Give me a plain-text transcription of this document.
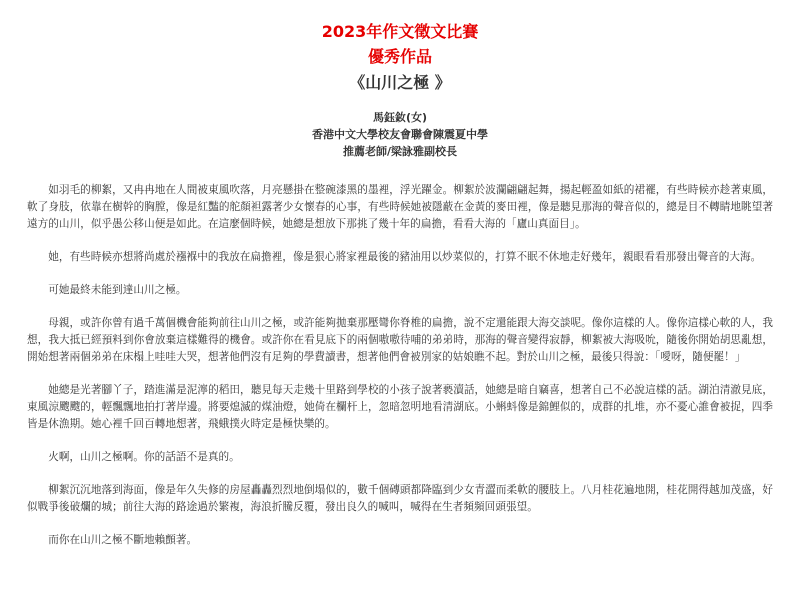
2023年作文徵文比賽
優秀作品
《山川之極 》
馬鈺釹(女)
香港中文大學校友會聯會陳震夏中學
推薦老師/梁詠雅副校長

如羽毛的柳絮，又冉冉地在人間被東風吹落，月亮懸掛在整碗漆黑的墨裡，浮光躍金。柳絮於波瀾翩翩起舞，揚起輕盈如紙的裙襬，有些時候亦趁著東風，軟了身肢，依靠在樹幹的胸膛，像是紅豔的舵顏袒露著少女懷春的心事，有些時候她被隱蔽在金黃的麥田裡，像是聽見那海的聲音似的，總是目不轉睛地眺望著遠方的山川，似乎愚公移山便是如此。在這麼個時候，她總是想放下那挑了幾十年的扁擔，看看大海的「廬山真面目」。

她，有些時候亦想將尚處於襁褓中的我放在扁擔裡，像是狠心將家裡最後的豬油用以炒菜似的，打算不眠不休地走好幾年，親眼看看那發出聲音的大海。

可她最終未能到達山川之極。

母親，或許你曾有過千萬個機會能夠前往山川之極，或許能夠拋棄那壓彎你脊椎的扁擔，說不定還能跟大海交談呢。像你這樣的人。像你這樣心軟的人，我想，我大抵已經預料到你會放棄這樣難得的機會。或許你在看見底下的兩個嗷嗷待哺的弟弟時，那海的聲音變得寂靜，柳絮被大海吸吮，隨後你開始胡思亂想，開始想著兩個弟弟在床榻上哇哇大哭，想著他們沒有足夠的學費讀書，想著他們會被別家的姑娘瞧不起。對於山川之極，最後只得說：「噯呀，隨便罷！」

她總是光著腳丫子，踏進滿是泥濘的稻田，聽見每天走幾十里路到學校的小孩子說著褻瀆話，她總是暗自竊喜，想著自己不必說這樣的話。湖泊清澈見底，東風涼颼颼的，輕飄飄地拍打著岸邊。將要熄滅的煤油燈，她倚在欄杆上，忽暗忽明地看清湖底。小蝌蚪像是錦鯉似的，成群的扎堆，亦不憂心誰會被捉，四季皆是休漁期。她心裡千回百轉地想著，飛蛾撲火時定是極快樂的。

火啊，山川之極啊。你的話語不是真的。

柳絮沉沉地落到海面，像是年久失修的房屋轟轟烈烈地倒塌似的，數千個磚頭都降臨到少女青澀而柔軟的腰肢上。八月桂花遍地開，桂花開得越加茂盛，好似戰爭後破爛的城；前往大海的路途過於繁複，海浪折騰反覆，發出良久的喊叫，喊得在生者頻頻回頭張望。

而你在山川之極不斷地賴顫著。
